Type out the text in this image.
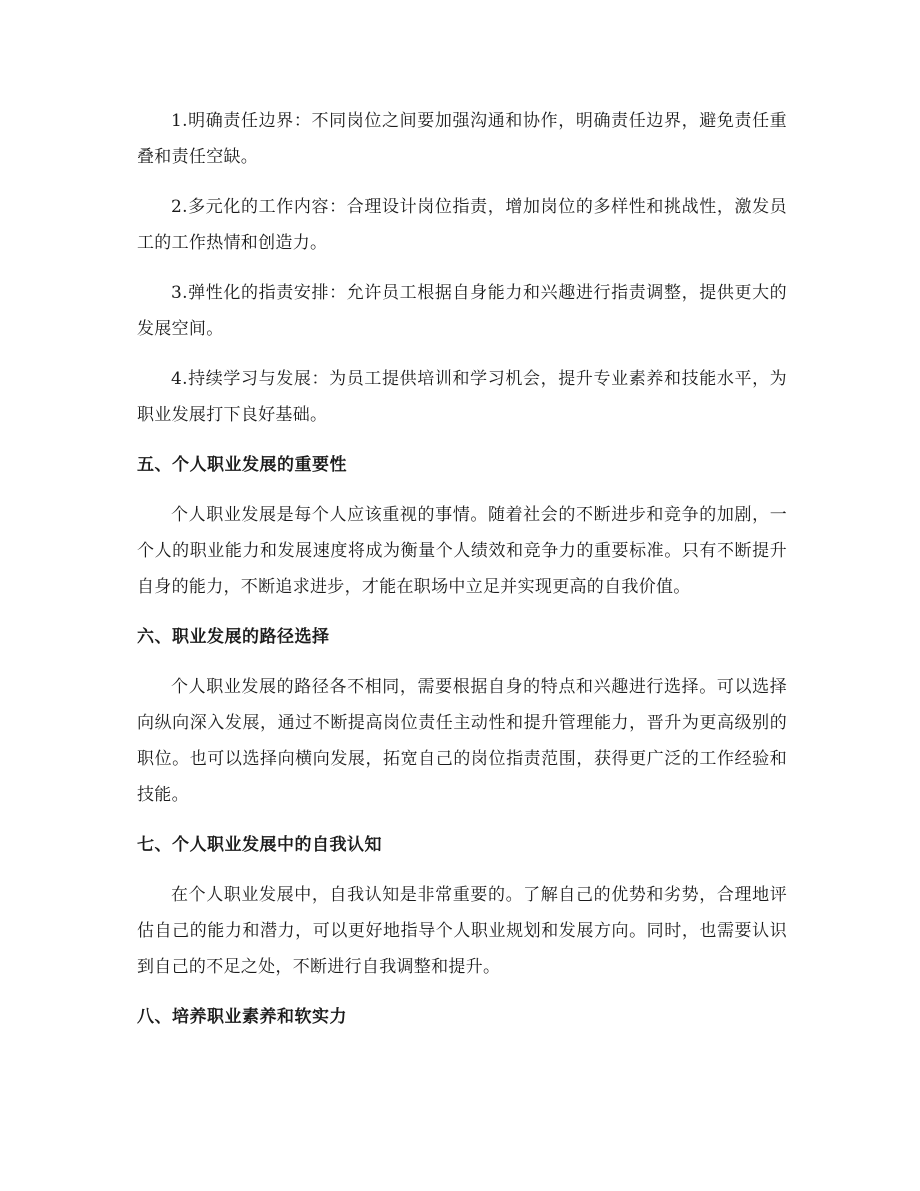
1.明确责任边界：不同岗位之间要加强沟通和协作，明确责任边界，避免责任重叠和责任空缺。

2.多元化的工作内容：合理设计岗位指责，增加岗位的多样性和挑战性，激发员工的工作热情和创造力。

3.弹性化的指责安排：允许员工根据自身能力和兴趣进行指责调整，提供更大的发展空间。

4.持续学习与发展：为员工提供培训和学习机会，提升专业素养和技能水平，为职业发展打下良好基础。

五、个人职业发展的重要性

个人职业发展是每个人应该重视的事情。随着社会的不断进步和竞争的加剧，一个人的职业能力和发展速度将成为衡量个人绩效和竞争力的重要标准。只有不断提升自身的能力，不断追求进步，才能在职场中立足并实现更高的自我价值。

六、职业发展的路径选择

个人职业发展的路径各不相同，需要根据自身的特点和兴趣进行选择。可以选择向纵向深入发展，通过不断提高岗位责任主动性和提升管理能力，晋升为更高级别的职位。也可以选择向横向发展，拓宽自己的岗位指责范围，获得更广泛的工作经验和技能。

七、个人职业发展中的自我认知

在个人职业发展中，自我认知是非常重要的。了解自己的优势和劣势，合理地评估自己的能力和潜力，可以更好地指导个人职业规划和发展方向。同时，也需要认识到自己的不足之处，不断进行自我调整和提升。

八、培养职业素养和软实力
